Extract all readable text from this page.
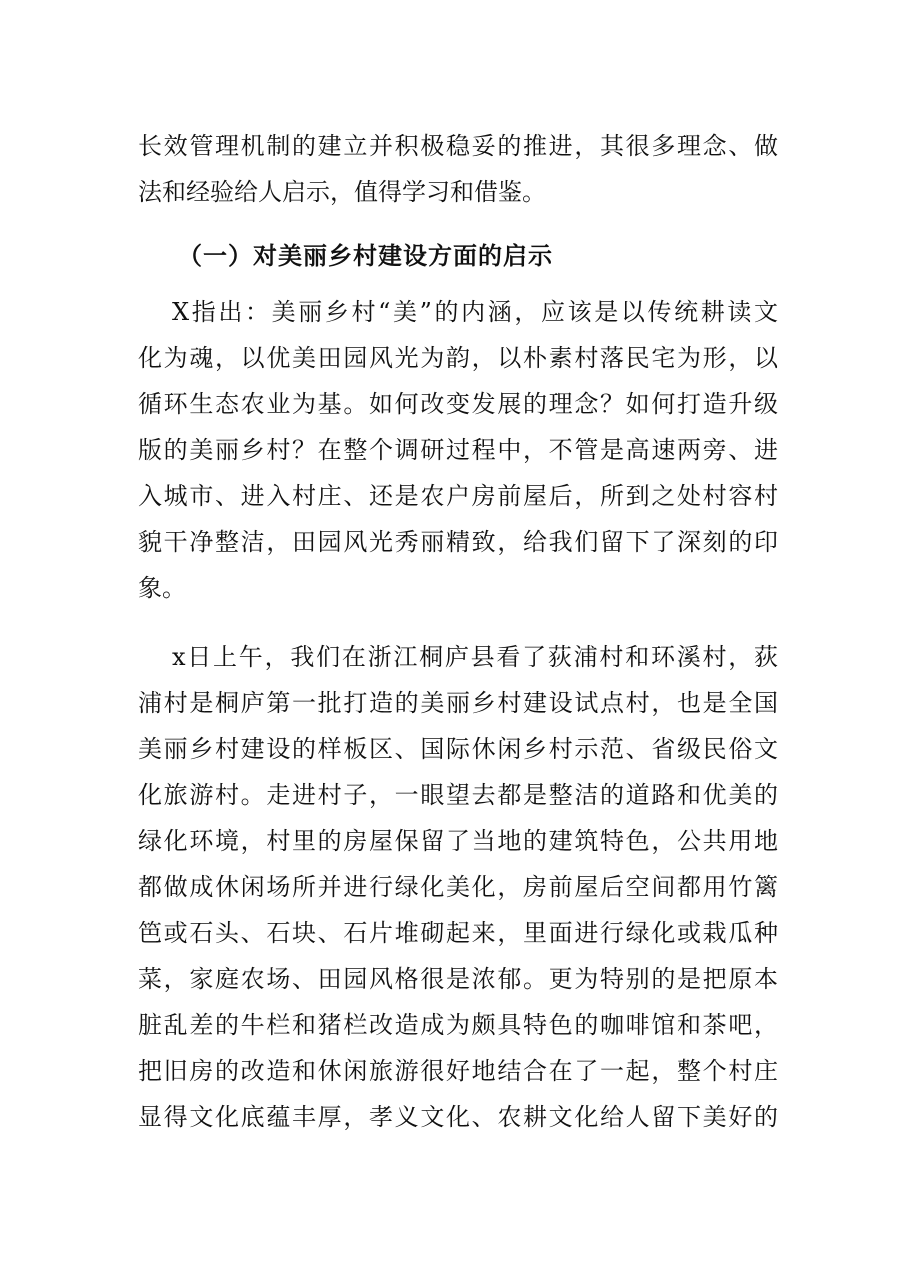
长效管理机制的建立并积极稳妥的推进，其很多理念、做
法和经验给人启示，值得学习和借鉴。
（一）对美丽乡村建设方面的启示
X指出：美丽乡村“美”的内涵，应该是以传统耕读文
化为魂，以优美田园风光为韵，以朴素村落民宅为形，以
循环生态农业为基。如何改变发展的理念？如何打造升级
版的美丽乡村？在整个调研过程中，不管是高速两旁、进
入城市、进入村庄、还是农户房前屋后，所到之处村容村
貌干净整洁，田园风光秀丽精致，给我们留下了深刻的印
象。
x日上午，我们在浙江桐庐县看了荻浦村和环溪村，荻
浦村是桐庐第一批打造的美丽乡村建设试点村，也是全国
美丽乡村建设的样板区、国际休闲乡村示范、省级民俗文
化旅游村。走进村子，一眼望去都是整洁的道路和优美的
绿化环境，村里的房屋保留了当地的建筑特色，公共用地
都做成休闲场所并进行绿化美化，房前屋后空间都用竹篱
笆或石头、石块、石片堆砌起来，里面进行绿化或栽瓜种
菜，家庭农场、田园风格很是浓郁。更为特别的是把原本
脏乱差的牛栏和猪栏改造成为颇具特色的咖啡馆和茶吧，
把旧房的改造和休闲旅游很好地结合在了一起，整个村庄
显得文化底蕴丰厚，孝义文化、农耕文化给人留下美好的
